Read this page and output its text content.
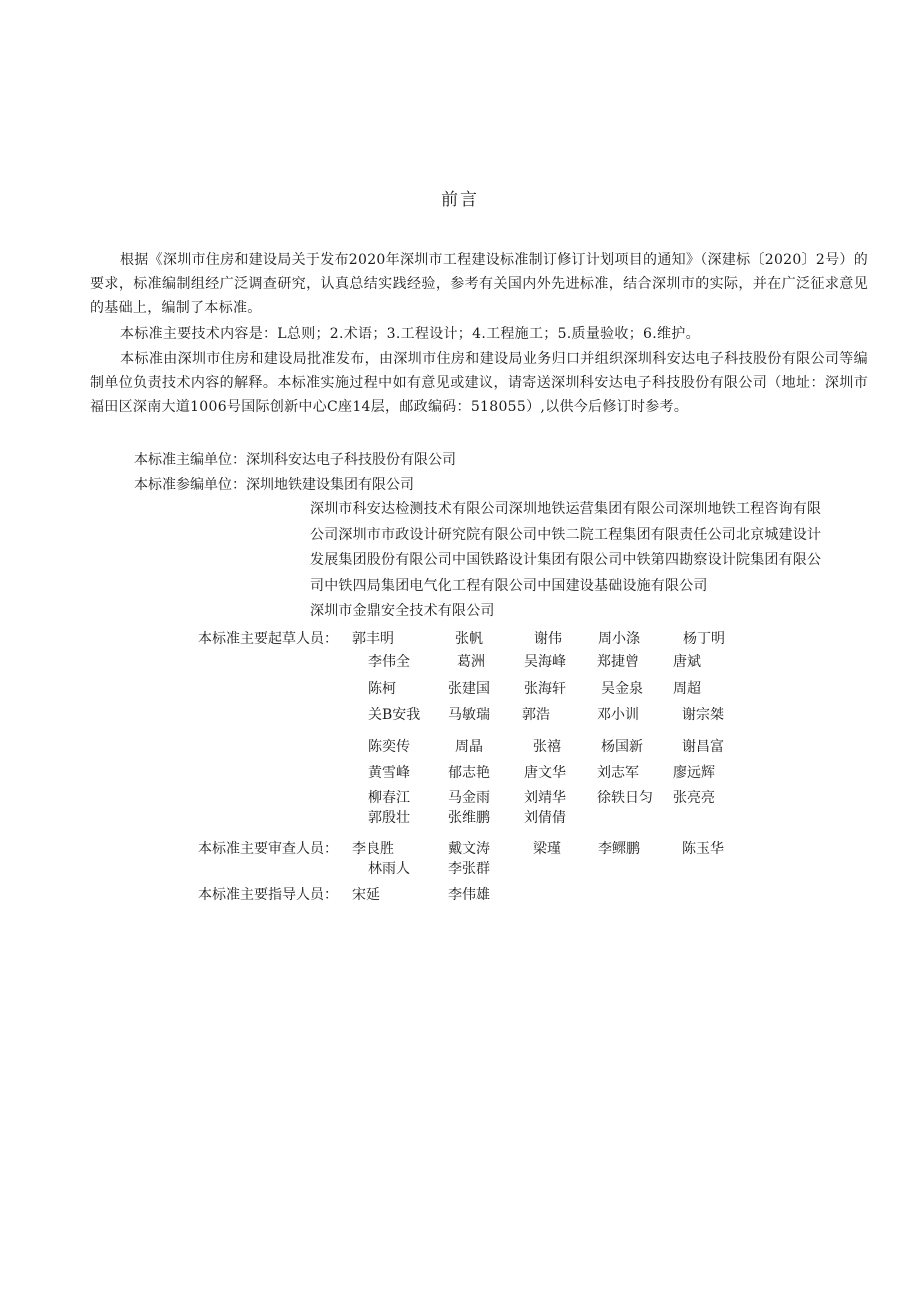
前言
根据《深圳市住房和建设局关于发布2020年深圳市工程建设标准制订修订计划项目的通知》（深建标〔2020〕2号）的要求，标准编制组经广泛调查研究，认真总结实践经验，参考有关国内外先进标准，结合深圳市的实际，并在广泛征求意见的基础上，编制了本标准。
本标准主要技术内容是：L总则；2.术语；3.工程设计；4.工程施工；5.质量验收；6.维护。
本标准由深圳市住房和建设局批准发布，由深圳市住房和建设局业务归口并组织深圳科安达电子科技股份有限公司等编制单位负责技术内容的解释。本标准实施过程中如有意见或建议，请寄送深圳科安达电子科技股份有限公司（地址：深圳市福田区深南大道1006号国际创新中心C座14层，邮政编码：518055）,以供今后修订时参考。
本标准主编单位：深圳科安达电子科技股份有限公司
本标准参编单位：深圳地铁建设集团有限公司
深圳市科安达检测技术有限公司深圳地铁运营集团有限公司深圳地铁工程咨询有限
公司深圳市市政设计研究院有限公司中铁二院工程集团有限责任公司北京城建设计
发展集团股份有限公司中国铁路设计集团有限公司中铁第四勘察设计院集团有限公
司中铁四局集团电气化工程有限公司中国建设基础设施有限公司
深圳市金鼎安全技术有限公司
本标准主要起草人员： 郭丰明	张帆	谢伟	周小涤	杨丁明
李伟全	葛洲	吴海峰 郑捷曾 唐斌
陈柯	张建国 张海轩	吴金泉 周超
关B安我 马敏瑞 郭浩	邓小训	谢宗桀
陈奕传	周晶	张禧	杨国新	谢昌富
黄雪峰	郁志艳 唐文华 刘志军 廖远辉
柳春江	马金雨 刘靖华 徐轶日匀 张亮亮
郭殷壮	张维鹏 刘倩倩
本标准主要审查人员： 李良胜	戴文涛	梁瑾	李鳏鹏	陈玉华
林雨人	李张群
本标准主要指导人员： 宋延	李伟雄
